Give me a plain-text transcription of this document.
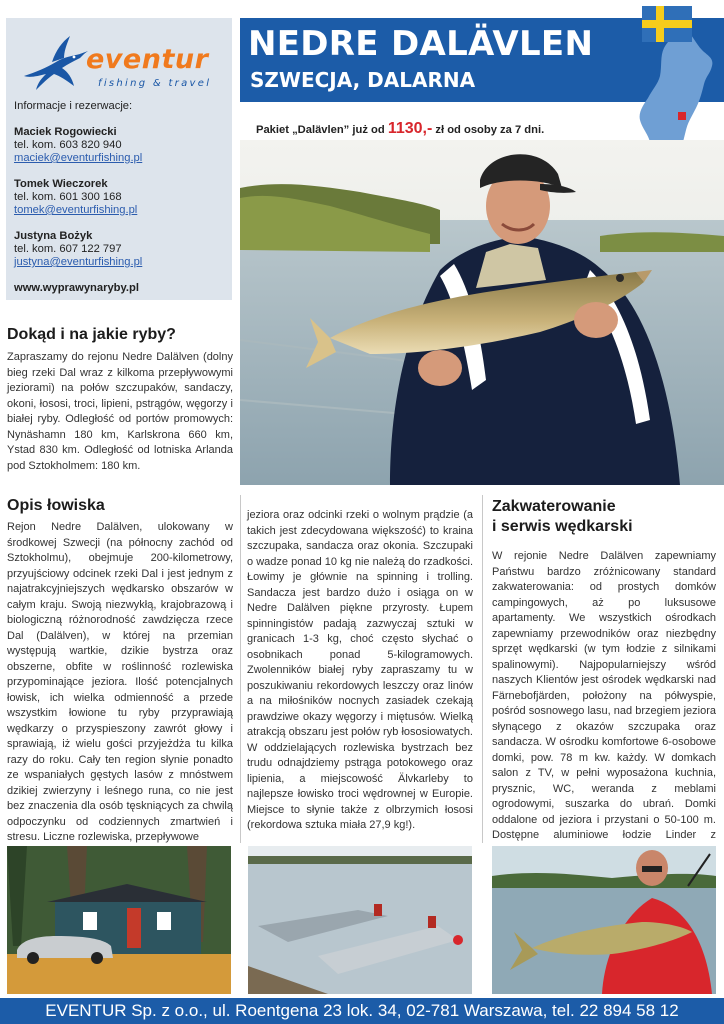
eventur
fishing & travel
Informacje i rezerwacje:
Maciek Rogowiecki
tel. kom. 603 820 940
maciek@eventurfishing.pl
Tomek Wieczorek
tel. kom. 601 300 168
tomek@eventurfishing.pl
Justyna Bożyk
tel. kom. 607 122 797
justyna@eventurfishing.pl
www.wyprawynaryby.pl
NEDRE DALÄVLEN
SZWECJA, DALARNA
Pakiet „Dalävlen” już od 1130,- zł od osoby za 7 dni.
Dokąd i na jakie ryby?
Zapraszamy do rejonu Nedre Dalälven (dolny bieg rzeki Dal wraz z kilkoma przepływowymi jeziorami) na połów szczupaków, sandaczy, okoni, łososi, troci, lipieni, pstrągów, węgorzy i białej ryby. Odległość od portów promowych: Nynäshamn 180 km, Karlskrona 660 km, Ystad 830 km. Odległość od lotniska Arlanda pod Sztokholmem: 180 km.
Opis łowiska
Rejon Nedre Dalälven, ulokowany w środkowej Szwecji (na północny zachód od Sztokholmu), obejmuje 200-kilometrowy, przyujściowy odcinek rzeki Dal i jest jednym z najatrakcyjniejszych wędkarsko obszarów w całym kraju. Swoją niezwykłą, krajobrazową i biologiczną różnorodność zawdzięcza rzece Dal (Dalälven), w której na przemian występują wartkie, dzikie bystrza oraz obszerne, obfite w roślinność rozlewiska przypominające jeziora. Ilość potencjalnych łowisk, ich wielka odmienność a przede wszystkim łowione tu ryby przyprawiają wędkarzy o przyspieszony zawrót głowy i sprawiają, iż wielu gości przyjeżdża tu kilka razy do roku. Cały ten region słynie ponadto ze wspaniałych gęstych lasów z mnóstwem dzikiej zwierzyny i leśnego runa, co nie jest bez znaczenia dla osób tęskniących za chwilą odpoczynku od codziennych zmartwień i stresu. Liczne rozlewiska, przepływowe
jeziora oraz odcinki rzeki o wolnym prądzie (a takich jest zdecydowana większość) to kraina szczupaka, sandacza oraz okonia. Szczupaki o wadze ponad 10 kg nie należą do rzadkości. Łowimy je głównie na spinning i trolling. Sandacza jest bardzo dużo i osiąga on w Nedre Dalälven piękne przyrosty. Łupem spinningistów padają zazwyczaj sztuki w granicach 1-3 kg, choć często słychać o osobnikach ponad 5-kilogramowych. Zwolenników białej ryby zapraszamy tu w poszukiwaniu rekordowych leszczy oraz linów a na miłośników nocnych zasiadek czekają prawdziwe okazy węgorzy i miętusów. Wielką atrakcją obszaru jest połów ryb łososiowatych. W oddzielających rozlewiska bystrzach bez trudu odnajdziemy pstrąga potokowego oraz lipienia, a miejscowość Älvkarleby to najlepsze łowisko troci wędrownej w Europie. Miejsce to słynie także z olbrzymich łososi (rekordowa sztuka miała 27,9 kg!).
Zakwaterowanie
i serwis wędkarski
W rejonie Nedre Dalälven zapewniamy Państwu bardzo zróżnicowany standard zakwaterowania: od prostych domków campingowych, aż po luksusowe apartamenty. We wszystkich ośrodkach zapewniamy przewodników oraz niezbędny sprzęt wędkarski (w tym łodzie z silnikami spalinowymi). Najpopularniejszy wśród naszych Klientów jest ośrodek wędkarski nad Färnebofjärden, położony na półwyspie, pośród sosnowego lasu, nad brzegiem jeziora słynącego z okazów szczupaka oraz sandacza. W ośrodku komfortowe 6-osobowe domki, pow. 78 m kw. każdy. W domkach salon z TV, w pełni wyposażona kuchnia, prysznic, WC, weranda z meblami ogrodowymi, suszarka do ubrań. Domki oddalone od jeziora i przystani o 50-100 m. Dostępne aluminiowe łodzie Linder z
EVENTUR Sp. z o.o., ul. Roentgena 23 lok. 34, 02-781 Warszawa, tel. 22 894 58 12
